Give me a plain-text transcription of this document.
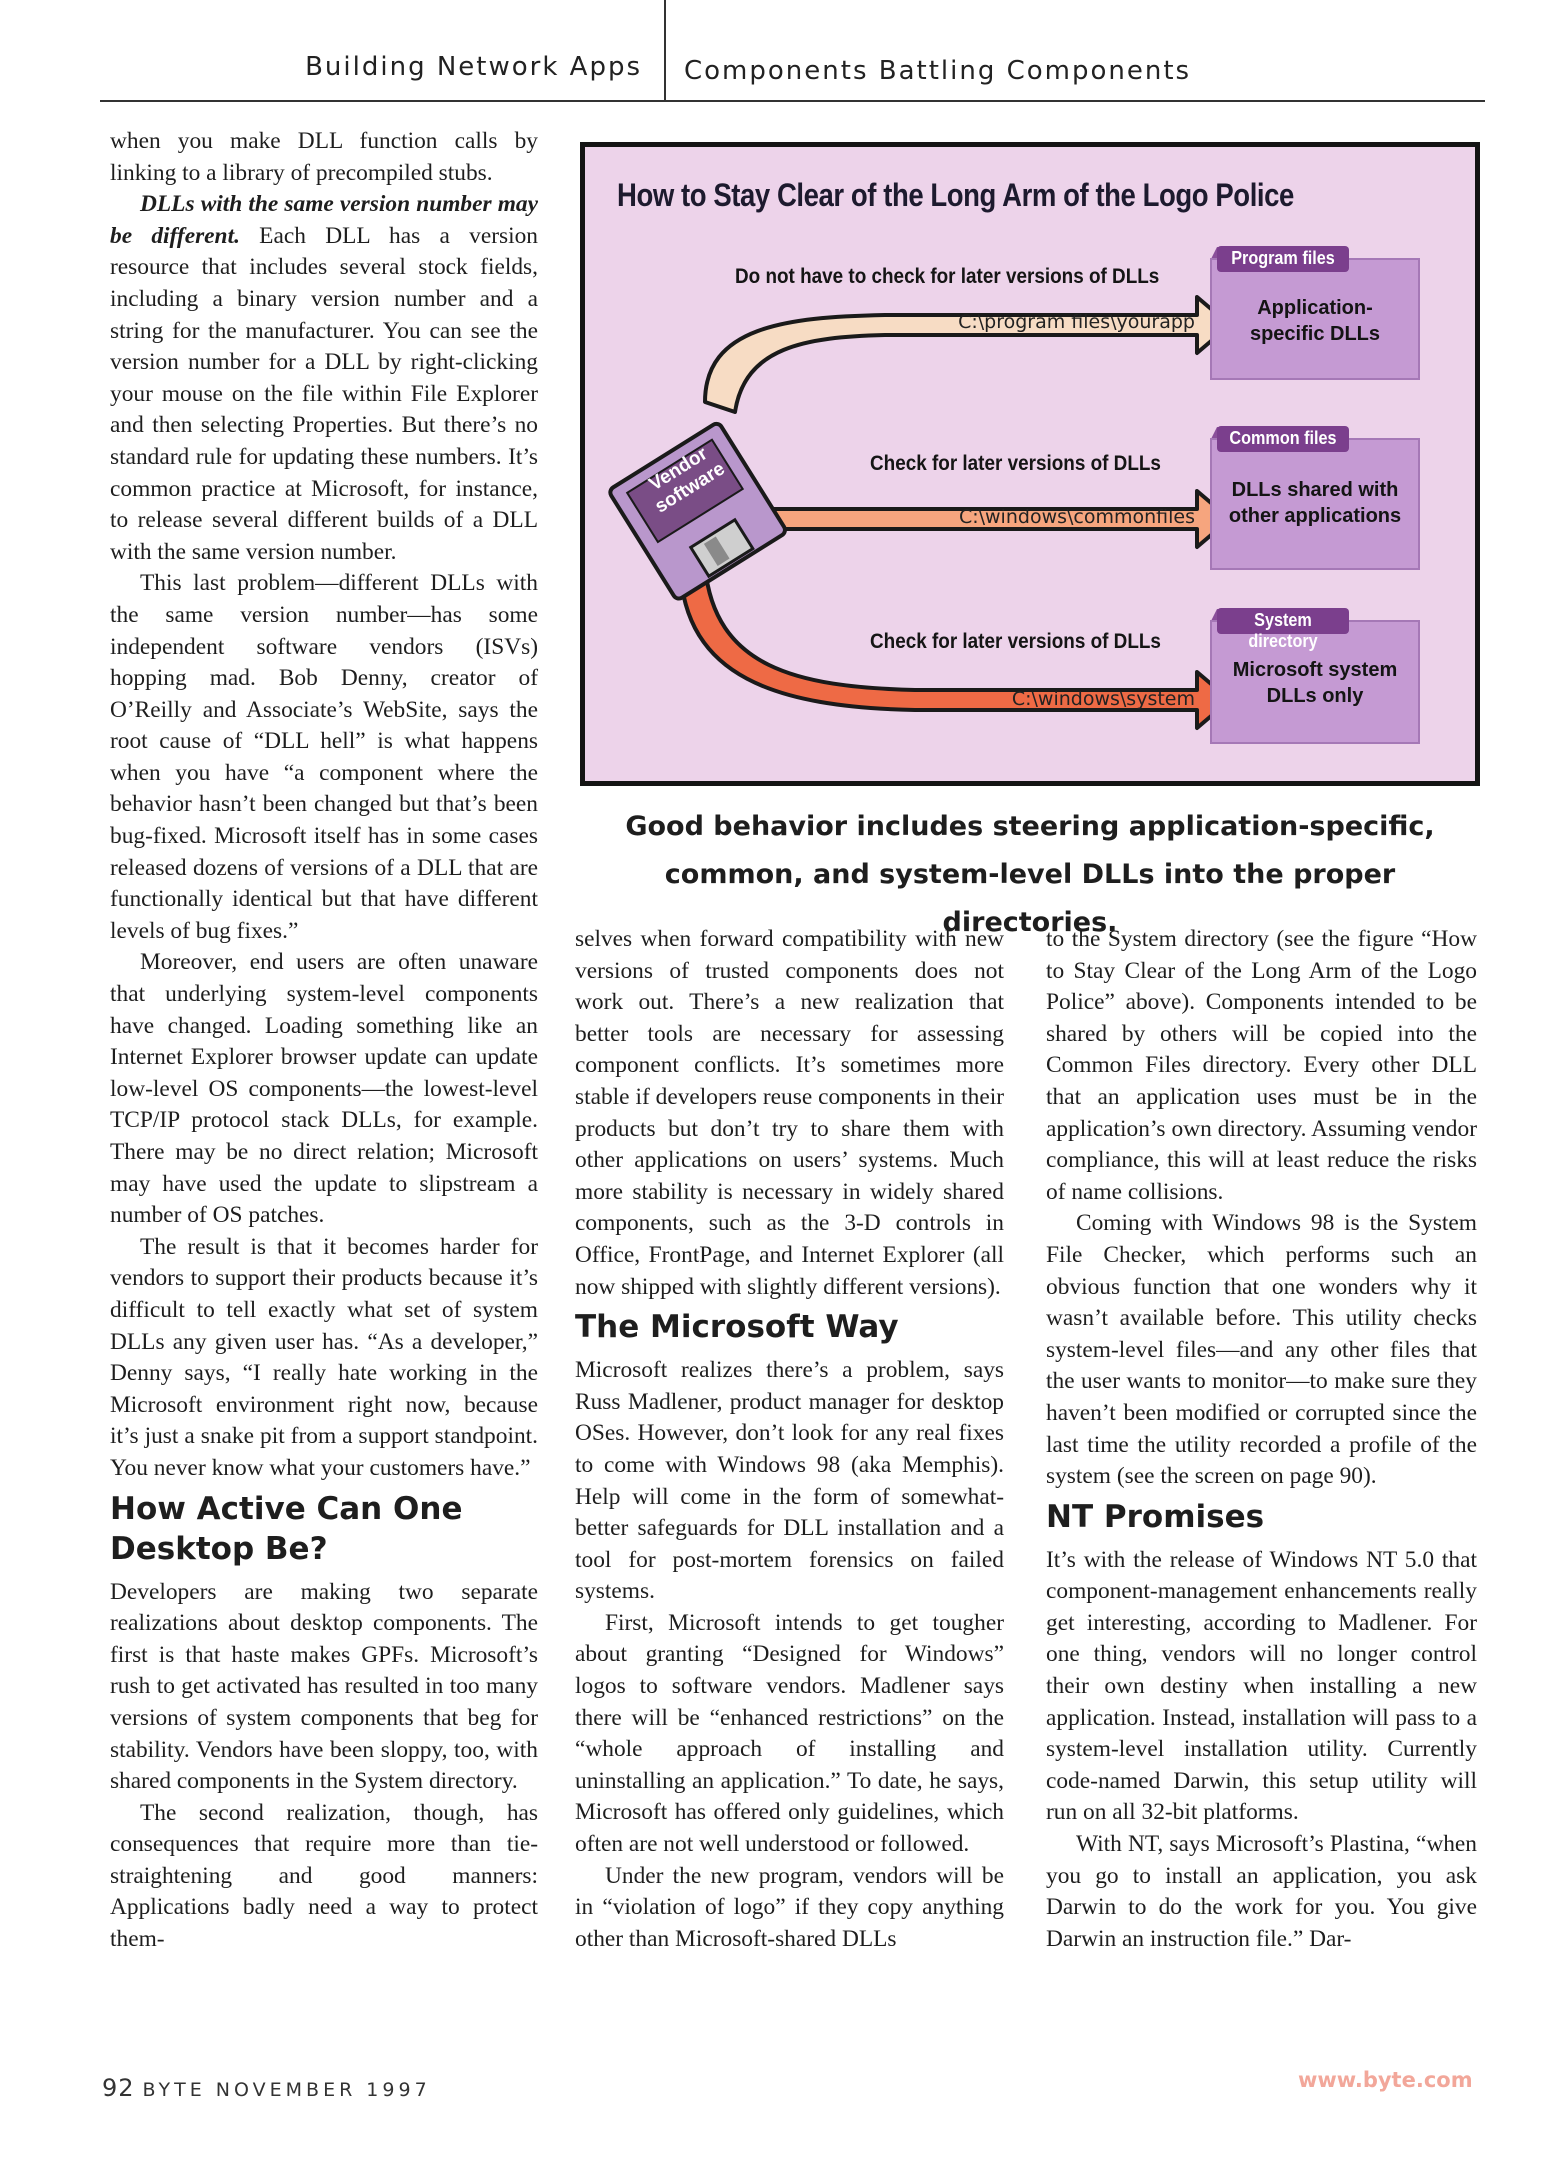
Building Network Apps Components Battling Components

when you make DLL function calls by linking to a library of precompiled stubs.

DLLs with the same version number may be different. Each DLL has a version resource that includes several stock fields, including a binary version number and a string for the manufacturer. You can see the version number for a DLL by right-clicking your mouse on the file within File Explorer and then selecting Properties. But there’s no standard rule for updating these numbers. It’s common practice at Microsoft, for instance, to release several different builds of a DLL with the same version number.

This last problem—different DLLs with the same version number—has some independent software vendors (ISVs) hopping mad. Bob Denny, creator of O’Reilly and Associate’s WebSite, says the root cause of “DLL hell” is what happens when you have “a component where the behavior hasn’t been changed but that’s been bug-fixed. Microsoft itself has in some cases released dozens of versions of a DLL that are functionally identical but that have different levels of bug fixes.”

Moreover, end users are often unaware that underlying system-level components have changed. Loading something like an Internet Explorer browser update can update low-level OS components—the lowest-level TCP/IP protocol stack DLLs, for example. There may be no direct relation; Microsoft may have used the update to slipstream a number of OS patches.

The result is that it becomes harder for vendors to support their products because it’s difficult to tell exactly what set of system DLLs any given user has. “As a developer,” Denny says, “I really hate working in the Microsoft environment right now, because it’s just a snake pit from a support standpoint. You never know what your customers have.”

How Active Can One Desktop Be?

Developers are making two separate realizations about desktop components. The first is that haste makes GPFs. Microsoft’s rush to get activated has resulted in too many versions of system components that beg for stability. Vendors have been sloppy, too, with shared components in the System directory.

The second realization, though, has consequences that require more than tie-straightening and good manners: Applications badly need a way to protect them-

How to Stay Clear of the Long Arm of the Logo Police
Vendor software
Do not have to check for later versions of DLLs
C:\program files\yourapp
Check for later versions of DLLs
C:\windows\commonfiles
Check for later versions of DLLs
C:\windows\system
Program files
Application-specific DLLs
Common files
DLLs shared with other applications
System directory
Microsoft system DLLs only
Good behavior includes steering application-specific, common, and system-level DLLs into the proper directories.

selves when forward compatibility with new versions of trusted components does not work out. There’s a new realization that better tools are necessary for assessing component conflicts. It’s sometimes more stable if developers reuse components in their products but don’t try to share them with other applications on users’ systems. Much more stability is necessary in widely shared components, such as the 3-D controls in Office, FrontPage, and Internet Explorer (all now shipped with slightly different versions).

The Microsoft Way

Microsoft realizes there’s a problem, says Russ Madlener, product manager for desktop OSes. However, don’t look for any real fixes to come with Windows 98 (aka Memphis). Help will come in the form of somewhat-better safeguards for DLL installation and a tool for post-mortem forensics on failed systems.

First, Microsoft intends to get tougher about granting “Designed for Windows” logos to software vendors. Madlener says there will be “enhanced restrictions” on the “whole approach of installing and uninstalling an application.” To date, he says, Microsoft has offered only guidelines, which often are not well understood or followed.

Under the new program, vendors will be in “violation of logo” if they copy anything other than Microsoft-shared DLLs

to the System directory (see the figure “How to Stay Clear of the Long Arm of the Logo Police” above). Components intended to be shared by others will be copied into the Common Files directory. Every other DLL that an application uses must be in the application’s own directory. Assuming vendor compliance, this will at least reduce the risks of name collisions.

Coming with Windows 98 is the System File Checker, which performs such an obvious function that one wonders why it wasn’t available before. This utility checks system-level files—and any other files that the user wants to monitor—to make sure they haven’t been modified or corrupted since the last time the utility recorded a profile of the system (see the screen on page 90).

NT Promises

It’s with the release of Windows NT 5.0 that component-management enhancements really get interesting, according to Madlener. For one thing, vendors will no longer control their own destiny when installing a new application. Instead, installation will pass to a system-level installation utility. Currently code-named Darwin, this setup utility will run on all 32-bit platforms.

With NT, says Microsoft’s Plastina, “when you go to install an application, you ask Darwin to do the work for you. You give Darwin an instruction file.” Dar-

92 BYTE NOVEMBER 1997	www.byte.com
